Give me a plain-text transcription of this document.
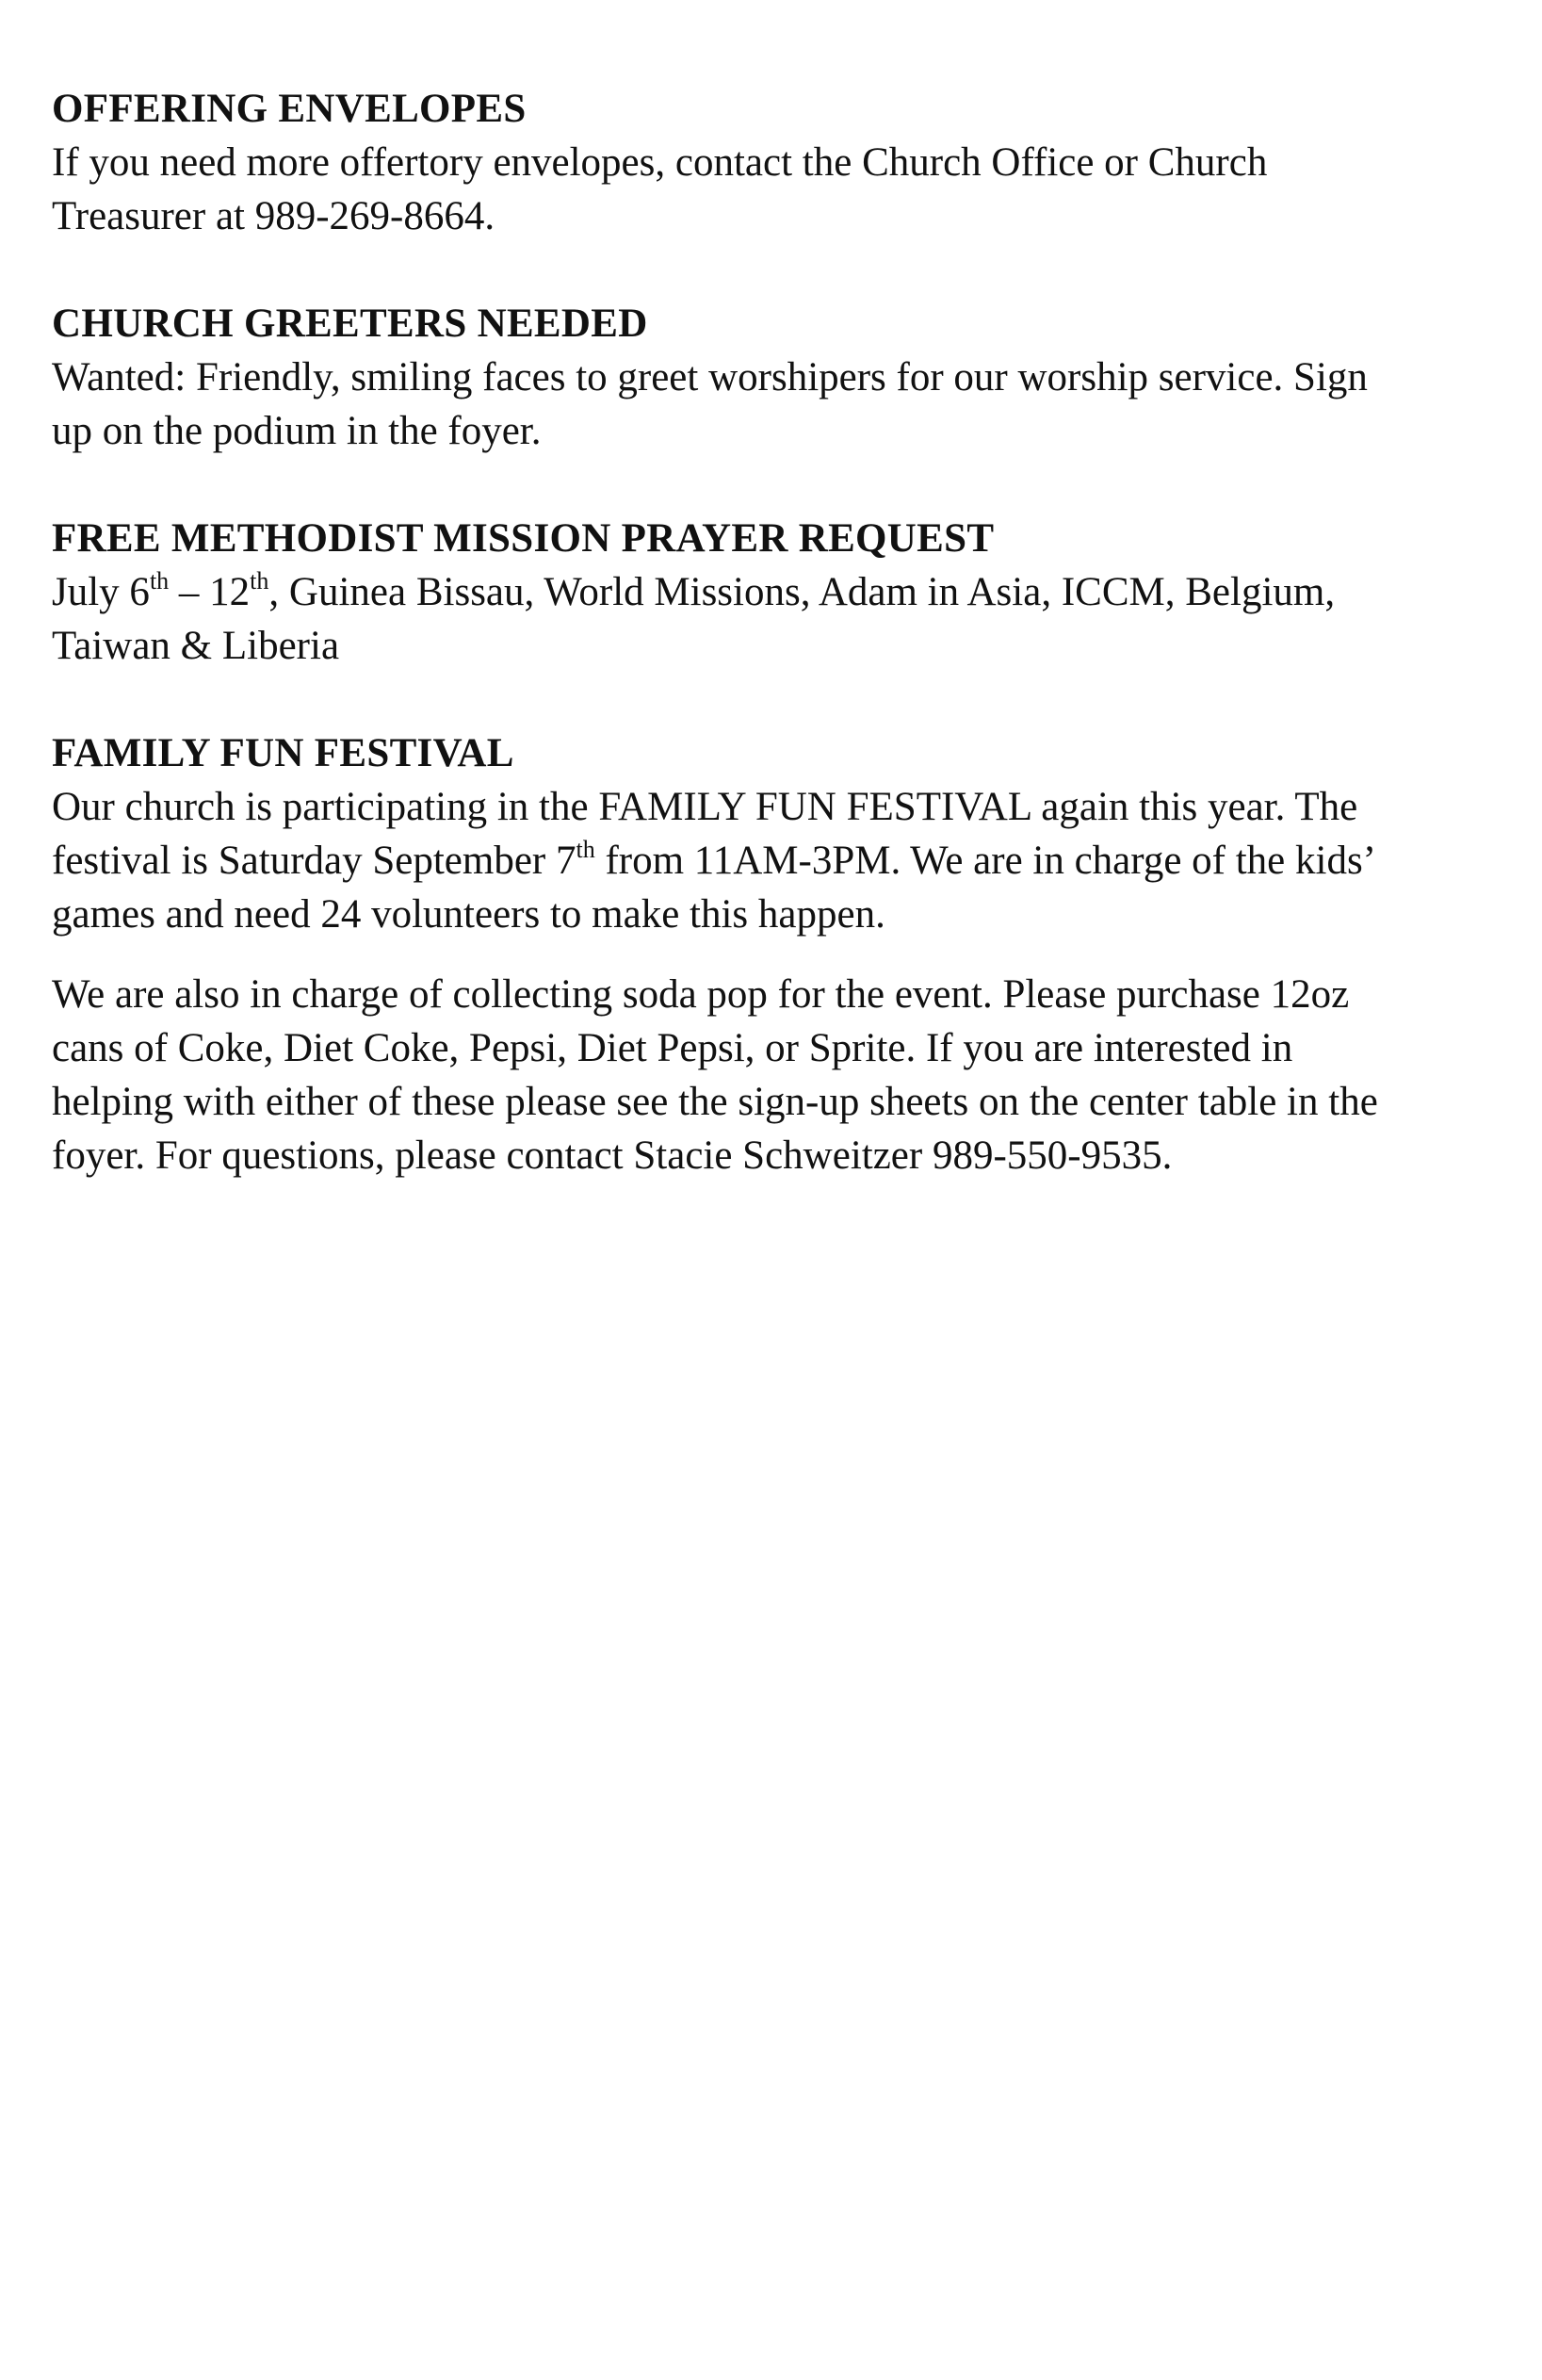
OFFERING ENVELOPES

If you need more offertory envelopes, contact the Church Office or Church Treasurer at 989-269-8664.

CHURCH GREETERS NEEDED

Wanted: Friendly, smiling faces to greet worshipers for our worship service. Sign up on the podium in the foyer.

FREE METHODIST MISSION PRAYER REQUEST

July 6th – 12th, Guinea Bissau, World Missions, Adam in Asia, ICCM, Belgium, Taiwan & Liberia

FAMILY FUN FESTIVAL

Our church is participating in the FAMILY FUN FESTIVAL again this year. The festival is Saturday September 7th from 11AM-3PM. We are in charge of the kids’ games and need 24 volunteers to make this happen.

We are also in charge of collecting soda pop for the event. Please purchase 12oz cans of Coke, Diet Coke, Pepsi, Diet Pepsi, or Sprite. If you are interested in helping with either of these please see the sign-up sheets on the center table in the foyer. For questions, please contact Stacie Schweitzer 989-550-9535.
